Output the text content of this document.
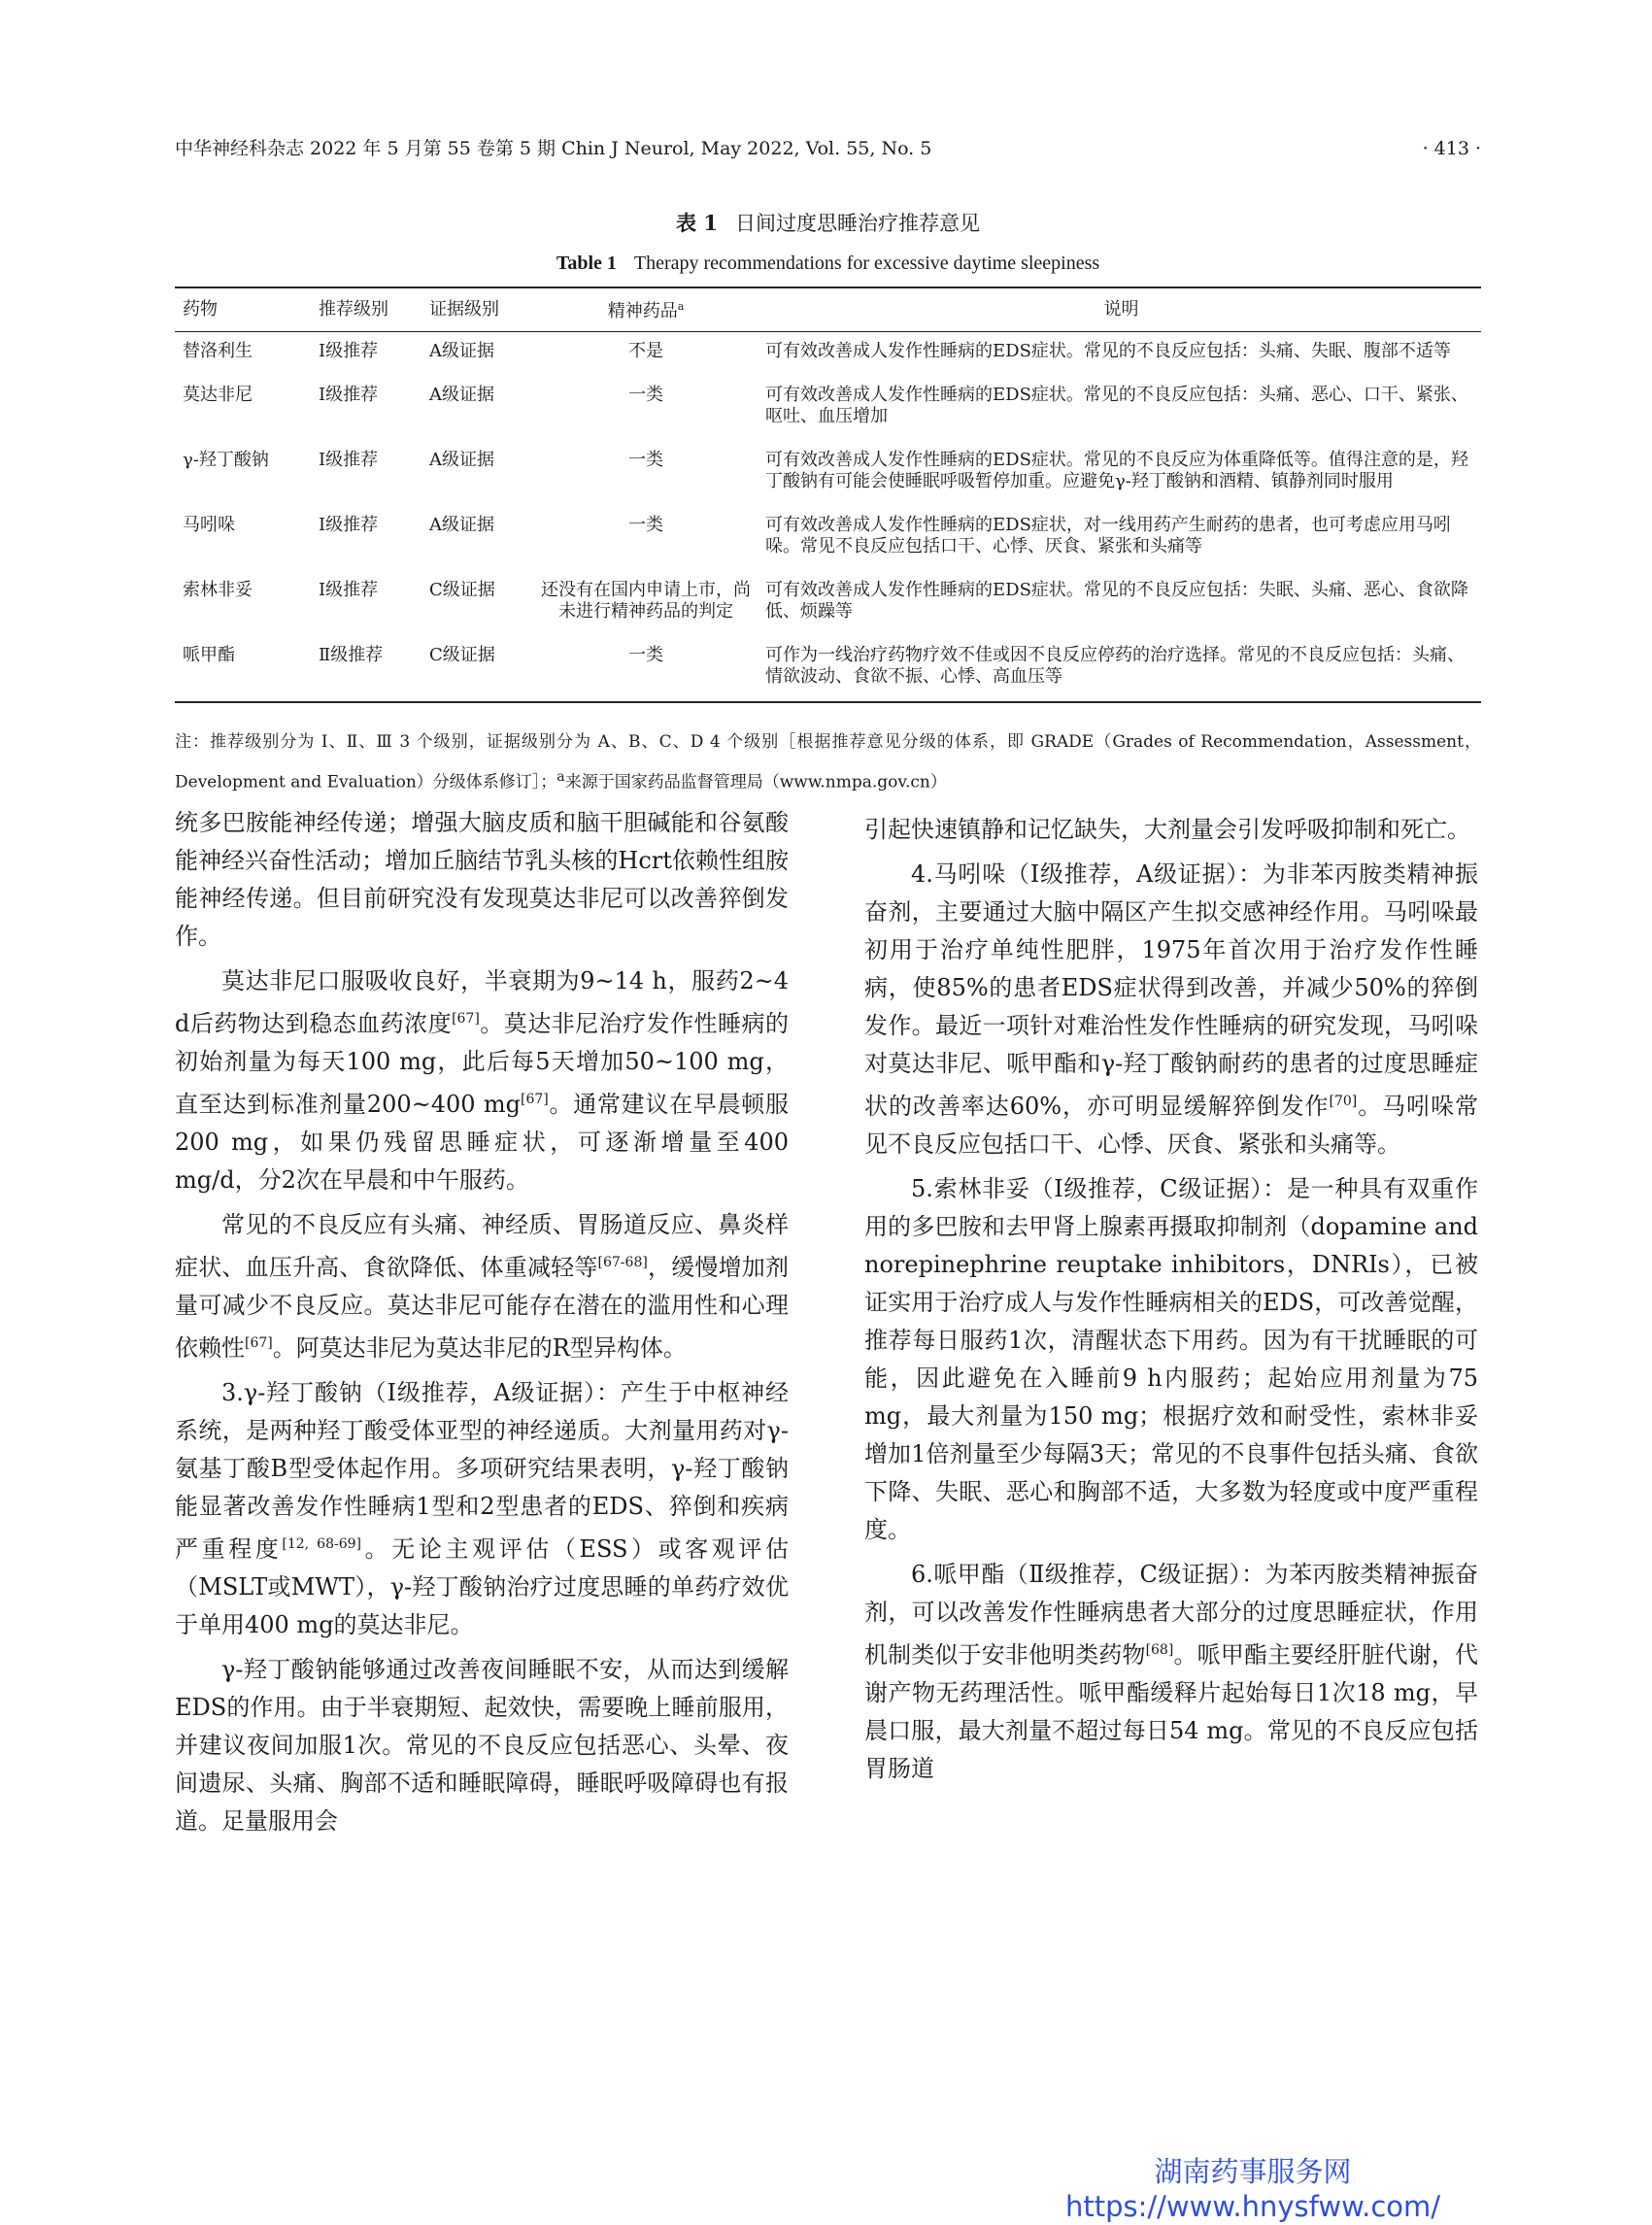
中华神经科杂志 2022 年 5 月第 55 卷第 5 期 Chin J Neurol, May 2022, Vol. 55, No. 5	· 413 ·
表 1 日间过度思睡治疗推荐意见
Table 1 Therapy recommendations for excessive daytime sleepiness
药物	推荐级别	证据级别	精神药品$^a$	说明
替洛利生	Ⅰ级推荐	A级证据	不是	可有效改善成人发作性睡病的EDS症状。常见的不良反应包括：头痛、失眠、腹部不适等
莫达非尼	Ⅰ级推荐	A级证据	一类	可有效改善成人发作性睡病的EDS症状。常见的不良反应包括：头痛、恶心、口干、紧张、呕吐、血压增加
γ-羟丁酸钠	Ⅰ级推荐	A级证据	一类	可有效改善成人发作性睡病的EDS症状。常见的不良反应为体重降低等。值得注意的是，羟丁酸钠有可能会使睡眠呼吸暂停加重。应避免γ-羟丁酸钠和酒精、镇静剂同时服用
马吲哚	Ⅰ级推荐	A级证据	一类	可有效改善成人发作性睡病的EDS症状，对一线用药产生耐药的患者，也可考虑应用马吲哚。常见不良反应包括口干、心悸、厌食、紧张和头痛等
索林非妥	Ⅰ级推荐	C级证据	还没有在国内申请上市，尚未进行精神药品的判定	可有效改善成人发作性睡病的EDS症状。常见的不良反应包括：失眠、头痛、恶心、食欲降低、烦躁等
哌甲酯	Ⅱ级推荐	C级证据	一类	可作为一线治疗药物疗效不佳或因不良反应停药的治疗选择。常见的不良反应包括：头痛、情欲波动、食欲不振、心悸、高血压等
注：推荐级别分为 Ⅰ、Ⅱ、Ⅲ 3 个级别，证据级别分为 A、B、C、D 4 个级别［根据推荐意见分级的体系，即 GRADE（Grades of Recommendation，Assessment，Development and Evaluation）分级体系修订］；$^a$来源于国家药品监督管理局（www.nmpa.gov.cn）

统多巴胺能神经传递；增强大脑皮质和脑干胆碱能和谷氨酸能神经兴奋性活动；增加丘脑结节乳头核的Hcrt依赖性组胺能神经传递。但目前研究没有发现莫达非尼可以改善猝倒发作。

莫达非尼口服吸收良好，半衰期为9~14 h，服药2~4 d后药物达到稳态血药浓度[67]。莫达非尼治疗发作性睡病的初始剂量为每天100 mg，此后每5天增加50~100 mg，直至达到标准剂量200~400 mg[67]。通常建议在早晨顿服200 mg，如果仍残留思睡症状，可逐渐增量至400 mg/d，分2次在早晨和中午服药。

常见的不良反应有头痛、神经质、胃肠道反应、鼻炎样症状、血压升高、食欲降低、体重减轻等[67-68]，缓慢增加剂量可减少不良反应。莫达非尼可能存在潜在的滥用性和心理依赖性[67]。阿莫达非尼为莫达非尼的R型异构体。

3.γ-羟丁酸钠（Ⅰ级推荐，A级证据）：产生于中枢神经系统，是两种羟丁酸受体亚型的神经递质。大剂量用药对γ-氨基丁酸B型受体起作用。多项研究结果表明，γ-羟丁酸钠能显著改善发作性睡病1型和2型患者的EDS、猝倒和疾病严重程度[12, 68-69]。无论主观评估（ESS）或客观评估（MSLT或MWT），γ-羟丁酸钠治疗过度思睡的单药疗效优于单用400 mg的莫达非尼。

γ-羟丁酸钠能够通过改善夜间睡眠不安，从而达到缓解EDS的作用。由于半衰期短、起效快，需要晚上睡前服用，并建议夜间加服1次。常见的不良反应包括恶心、头晕、夜间遗尿、头痛、胸部不适和睡眠障碍，睡眠呼吸障碍也有报道。足量服用会

引起快速镇静和记忆缺失，大剂量会引发呼吸抑制和死亡。

4.马吲哚（Ⅰ级推荐，A级证据）：为非苯丙胺类精神振奋剂，主要通过大脑中隔区产生拟交感神经作用。马吲哚最初用于治疗单纯性肥胖，1975年首次用于治疗发作性睡病，使85%的患者EDS症状得到改善，并减少50%的猝倒发作。最近一项针对难治性发作性睡病的研究发现，马吲哚对莫达非尼、哌甲酯和γ-羟丁酸钠耐药的患者的过度思睡症状的改善率达60%，亦可明显缓解猝倒发作[70]。马吲哚常见不良反应包括口干、心悸、厌食、紧张和头痛等。

5.索林非妥（Ⅰ级推荐，C级证据）：是一种具有双重作用的多巴胺和去甲肾上腺素再摄取抑制剂（dopamine and norepinephrine reuptake inhibitors，DNRIs），已被证实用于治疗成人与发作性睡病相关的EDS，可改善觉醒，推荐每日服药1次，清醒状态下用药。因为有干扰睡眠的可能，因此避免在入睡前9 h内服药；起始应用剂量为75 mg，最大剂量为150 mg；根据疗效和耐受性，索林非妥增加1倍剂量至少每隔3天；常见的不良事件包括头痛、食欲下降、失眠、恶心和胸部不适，大多数为轻度或中度严重程度。

6.哌甲酯（Ⅱ级推荐，C级证据）：为苯丙胺类精神振奋剂，可以改善发作性睡病患者大部分的过度思睡症状，作用机制类似于安非他明类药物[68]。哌甲酯主要经肝脏代谢，代谢产物无药理活性。哌甲酯缓释片起始每日1次18 mg，早晨口服，最大剂量不超过每日54 mg。常见的不良反应包括胃肠道

湖南药事服务网
https://www.hnysfww.com/
